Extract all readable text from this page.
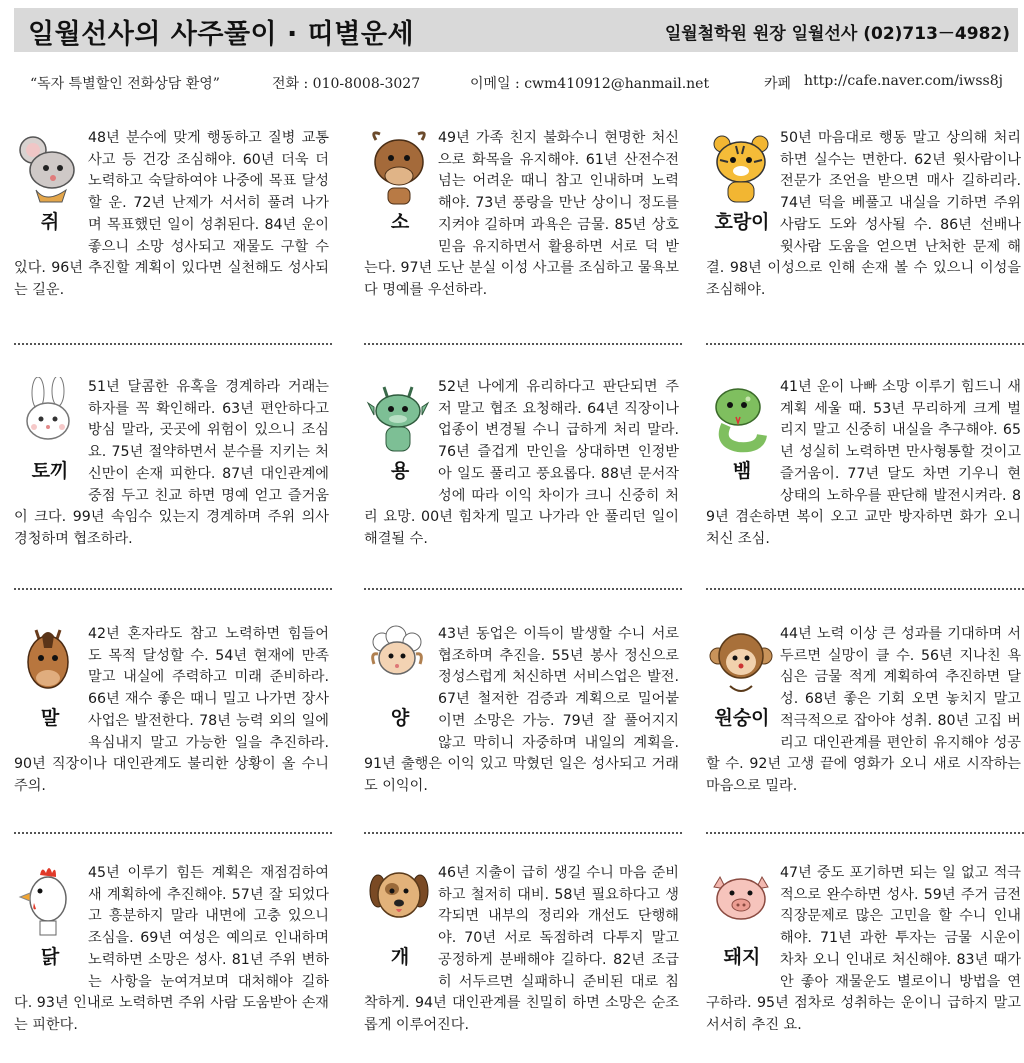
일월선사의 사주풀이 · 띠별운세	일월철학원 원장 일월선사 (02)713－4982)
“독자 특별할인 전화상담 환영”	전화 : 010-8008-3027	이메일 : cwm410912@hanmail.net	카페 http://cafe.naver.com/iwss8j
쥐
48년 분수에 맞게 행동하고 질병 교통사고 등 건강 조심해야. 60년 더욱 더 노력하고 숙달하여야 나중에 목표 달성할 운. 72년 난제가 서서히 풀려 나가며 목표했던 일이 성취된다. 84년 운이 좋으니 소망 성사되고 재물도 구할 수 있다. 96년 추진할 계획이 있다면 실천해도 성사되는 길운.
소
49년 가족 친지 불화수니 현명한 처신으로 화목을 유지해야. 61년 산전수전 넘는 어려운 때니 참고 인내하며 노력해야. 73년 풍랑을 만난 상이니 정도를 지켜야 길하며 과욕은 금물. 85년 상호 믿음 유지하면서 활용하면 서로 덕 받는다. 97년 도난 분실 이성 사고를 조심하고 물욕보다 명예를 우선하라.
호랑이
50년 마음대로 행동 말고 상의해 처리하면 실수는 면한다. 62년 윗사람이나 전문가 조언을 받으면 매사 길하리라. 74년 덕을 베풀고 내실을 기하면 주위 사람도 도와 성사될 수. 86년 선배나 윗사람 도움을 얻으면 난처한 문제 해결. 98년 이성으로 인해 손재 볼 수 있으니 이성을 조심해야.
토끼
51년 달콤한 유혹을 경계하라 거래는 하자를 꼭 확인해라. 63년 편안하다고 방심 말라, 곳곳에 위험이 있으니 조심 요. 75년 절약하면서 분수를 지키는 처신만이 손재 피한다. 87년 대인관계에 중점 두고 친교 하면 명예 얻고 즐거움이 크다. 99년 속임수 있는지 경계하며 주위 의사 경청하며 협조하라.
용
52년 나에게 유리하다고 판단되면 주저 말고 협조 요청해라. 64년 직장이나 업종이 변경될 수니 급하게 처리 말라. 76년 즐겁게 만인을 상대하면 인정받아 일도 풀리고 풍요롭다. 88년 문서작성에 따라 이익 차이가 크니 신중히 처리 요망. 00년 힘차게 밀고 나가라 안 풀리던 일이 해결될 수.
뱀
41년 운이 나빠 소망 이루기 힘드니 새 계획 세울 때. 53년 무리하게 크게 벌리지 말고 신중히 내실을 추구해야. 65년 성실히 노력하면 만사형통할 것이고 즐거움이. 77년 달도 차면 기우니 현 상태의 노하우를 판단해 발전시켜라. 89년 겸손하면 복이 오고 교만 방자하면 화가 오니 처신 조심.
말
42년 혼자라도 참고 노력하면 힘들어도 목적 달성할 수. 54년 현재에 만족 말고 내실에 주력하고 미래 준비하라. 66년 재수 좋은 때니 밀고 나가면 장사 사업은 발전한다. 78년 능력 외의 일에 욕심내지 말고 가능한 일을 추진하라. 90년 직장이나 대인관계도 불리한 상황이 올 수니 주의.
양
43년 동업은 이득이 발생할 수니 서로 협조하며 추진을. 55년 봉사 정신으로 정성스럽게 처신하면 서비스업은 발전. 67년 철저한 검증과 계획으로 밀어붙이면 소망은 가능. 79년 잘 풀어지지 않고 막히니 자중하며 내일의 계획을. 91년 출행은 이익 있고 막혔던 일은 성사되고 거래도 이익이.
원숭이
44년 노력 이상 큰 성과를 기대하며 서두르면 실망이 클 수. 56년 지나친 욕심은 금물 적게 계획하여 추진하면 달성. 68년 좋은 기회 오면 놓치지 말고 적극적으로 잡아야 성취. 80년 고집 버리고 대인관계를 편안히 유지해야 성공할 수. 92년 고생 끝에 영화가 오니 새로 시작하는 마음으로 밀라.
닭
45년 이루기 힘든 계획은 재점검하여 새 계획하에 추진해야. 57년 잘 되었다고 흥분하지 말라 내면에 고충 있으니 조심을. 69년 여성은 예의로 인내하며 노력하면 소망은 성사. 81년 주위 변하는 사항을 눈여겨보며 대처해야 길하다. 93년 인내로 노력하면 주위 사람 도움받아 손재는 피한다.
개
46년 지출이 급히 생길 수니 마음 준비 하고 철저히 대비. 58년 필요하다고 생각되면 내부의 정리와 개선도 단행해야. 70년 서로 독점하려 다투지 말고 공정하게 분배해야 길하다. 82년 조급히 서두르면 실패하니 준비된 대로 침착하게. 94년 대인관계를 친밀히 하면 소망은 순조롭게 이루어진다.
돼지
47년 중도 포기하면 되는 일 없고 적극적으로 완수하면 성사. 59년 주거 금전 직장문제로 많은 고민을 할 수니 인내해야. 71년 과한 투자는 금물 시운이 차차 오니 인내로 처신해야. 83년 때가 안 좋아 재물운도 별로이니 방법을 연구하라. 95년 점차로 성취하는 운이니 급하지 말고 서서히 추진 요.
